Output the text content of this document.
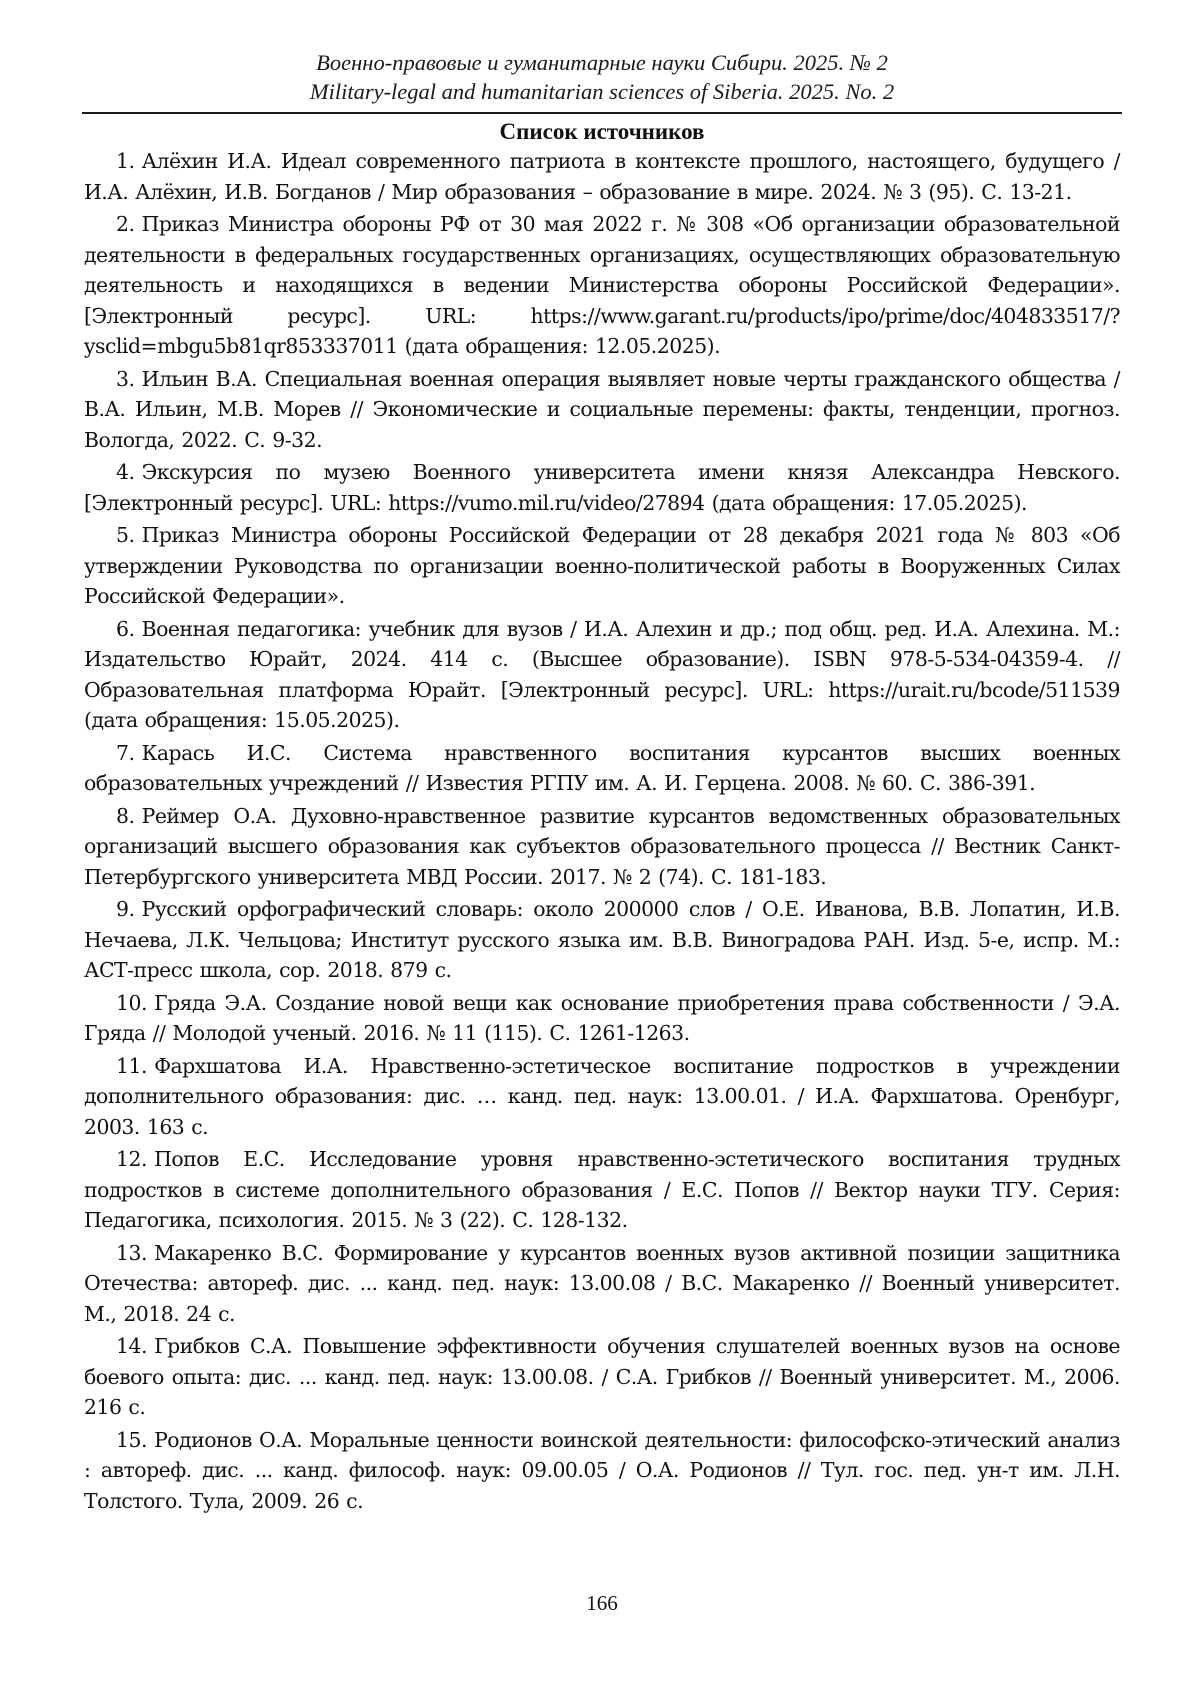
Военно-правовые и гуманитарные науки Сибири. 2025. № 2
Military-legal and humanitarian sciences of Siberia. 2025. No. 2
Список источников
1. Алёхин И.А. Идеал современного патриота в контексте прошлого, настоящего, будущего / И.А. Алёхин, И.В. Богданов / Мир образования – образование в мире. 2024. № 3 (95). С. 13-21.
2. Приказ Министра обороны РФ от 30 мая 2022 г. № 308 «Об организации образовательной деятельности в федеральных государственных организациях, осуществляющих образовательную деятельность и находящихся в ведении Министерства обороны Российской Федерации». [Электронный ресурс]. URL: https://www.garant.ru/products/ipo/prime/doc/404833517/?ysclid=mbgu5b81qr853337011 (дата обращения: 12.05.2025).
3. Ильин В.А. Специальная военная операция выявляет новые черты гражданского общества / В.А. Ильин, М.В. Морев // Экономические и социальные перемены: факты, тенденции, прогноз. Вологда, 2022. С. 9-32.
4. Экскурсия по музею Военного университета имени князя Александра Невского. [Электронный ресурс]. URL: https://vumo.mil.ru/video/27894 (дата обращения: 17.05.2025).
5. Приказ Министра обороны Российской Федерации от 28 декабря 2021 года № 803 «Об утверждении Руководства по организации военно-политической работы в Вооруженных Силах Российской Федерации».
6. Военная педагогика: учебник для вузов / И.А. Алехин и др.; под общ. ред. И.А. Алехина. М.: Издательство Юрайт, 2024. 414 с. (Высшее образование). ISBN 978-5-534-04359-4. // Образовательная платформа Юрайт. [Электронный ресурс]. URL: https://urait.ru/bcode/511539 (дата обращения: 15.05.2025).
7. Карась И.С. Система нравственного воспитания курсантов высших военных образовательных учреждений // Известия РГПУ им. А. И. Герцена. 2008. № 60. С. 386-391.
8. Реймер О.А. Духовно-нравственное развитие курсантов ведомственных образовательных организаций высшего образования как субъектов образовательного процесса // Вестник Санкт-Петербургского университета МВД России. 2017. № 2 (74). С. 181-183.
9. Русский орфографический словарь: около 200000 слов / О.Е. Иванова, В.В. Лопатин, И.В. Нечаева, Л.К. Чельцова; Институт русского языка им. В.В. Виноградова РАН. Изд. 5-е, испр. М.: АСТ-пресс школа, сор. 2018. 879 с.
10. Гряда Э.А. Создание новой вещи как основание приобретения права собственности / Э.А. Гряда // Молодой ученый. 2016. № 11 (115). С. 1261-1263.
11. Фархшатова И.А. Нравственно-эстетическое воспитание подростков в учреждении дополнительного образования: дис. … канд. пед. наук: 13.00.01. / И.А. Фархшатова. Оренбург, 2003. 163 с.
12. Попов Е.С. Исследование уровня нравственно-эстетического воспитания трудных подростков в системе дополнительного образования / Е.С. Попов // Вектор науки ТГУ. Серия: Педагогика, психология. 2015. № 3 (22). С. 128-132.
13. Макаренко В.С. Формирование у курсантов военных вузов активной позиции защитника Отечества: автореф. дис. ... канд. пед. наук: 13.00.08 / В.С. Макаренко // Военный университет. М., 2018. 24 с.
14. Грибков С.А. Повышение эффективности обучения слушателей военных вузов на основе боевого опыта: дис. ... канд. пед. наук: 13.00.08. / С.А. Грибков // Военный университет. М., 2006. 216 с.
15. Родионов О.А. Моральные ценности воинской деятельности: философско-этический анализ : автореф. дис. ... канд. философ. наук: 09.00.05 / О.А. Родионов // Тул. гос. пед. ун-т им. Л.Н. Толстого. Тула, 2009. 26 с.
166
